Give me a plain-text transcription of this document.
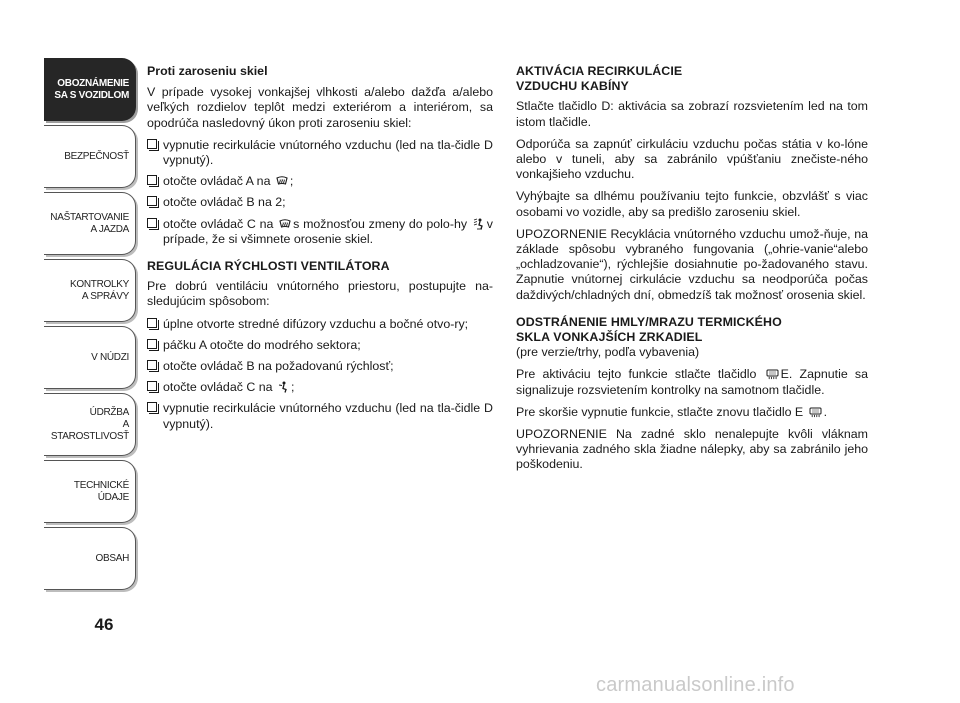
OBOZNÁMENIE
SA S VOZIDLOM
BEZPEČNOSŤ
NAŠTARTOVANIE
A JAZDA
KONTROLKY
A SPRÁVY
V NÚDZI
ÚDRŽBA
A STAROSTLIVOSŤ
TECHNICKÉ
ÚDAJE
OBSAH
46

Proti zaroseniu skiel

V prípade vysokej vonkajšej vlhkosti a/alebo dažďa a/alebo veľkých rozdielov teplôt medzi exteriérom a interiérom, sa opodrúča nasledovný úkon proti zaroseniu skiel:

vypnutie recirkulácie vnútorného vzduchu (led na tla-čidle D vypnutý).
otočte ovládač A na ;
otočte ovládač B na 2;
otočte ovládač C na s možnosťou zmeny do polo-hy v prípade, že si všimnete orosenie skiel.

REGULÁCIA RÝCHLOSTI VENTILÁTORA

Pre dobrú ventiláciu vnútorného priestoru, postupujte na-sledujúcim spôsobom:

úplne otvorte stredné difúzory vzduchu a bočné otvo-ry;
páčku A otočte do modrého sektora;
otočte ovládač B na požadovanú rýchlosť;
otočte ovládač C na ;
vypnutie recirkulácie vnútorného vzduchu (led na tla-čidle D vypnutý).

AKTIVÁCIA RECIRKULÁCIE
VZDUCHU KABÍNY

Stlačte tlačidlo D: aktivácia sa zobrazí rozsvietením led na tom istom tlačidle.

Odporúča sa zapnúť cirkuláciu vzduchu počas státia v ko-lóne alebo v tuneli, aby sa zabránilo vpúšťaniu znečiste-ného vonkajšieho vzduchu.

Vyhýbajte sa dlhému používaniu tejto funkcie, obzvlášť s viac osobami vo vozidle, aby sa predišlo zaroseniu skiel.

UPOZORNENIE Recyklácia vnútorného vzduchu umož-ňuje, na základe spôsobu vybraného fungovania („ohrie-vanie“alebo „ochladzovanie“), rýchlejšie dosiahnutie po-žadovaného stavu. Zapnutie vnútornej cirkulácie vzduchu sa neodporúča počas daždivých/chladných dní, obmedzíš tak možnosť orosenia skiel.

ODSTRÁNENIE HMLY/MRAZU TERMICKÉHO
SKLA VONKAJŠÍCH ZRKADIEL

(pre verzie/trhy, podľa vybavenia)

Pre aktiváciu tejto funkcie stlačte tlačidlo E. Zapnutie sa signalizuje rozsvietením kontrolky na samotnom tlačidle.

Pre skoršie vypnutie funkcie, stlačte znovu tlačidlo E .

UPOZORNENIE Na zadné sklo nenalepujte kvôli vláknam vyhrievania zadného skla žiadne nálepky, aby sa zabránilo jeho poškodeniu.

carmanualsonline.info
